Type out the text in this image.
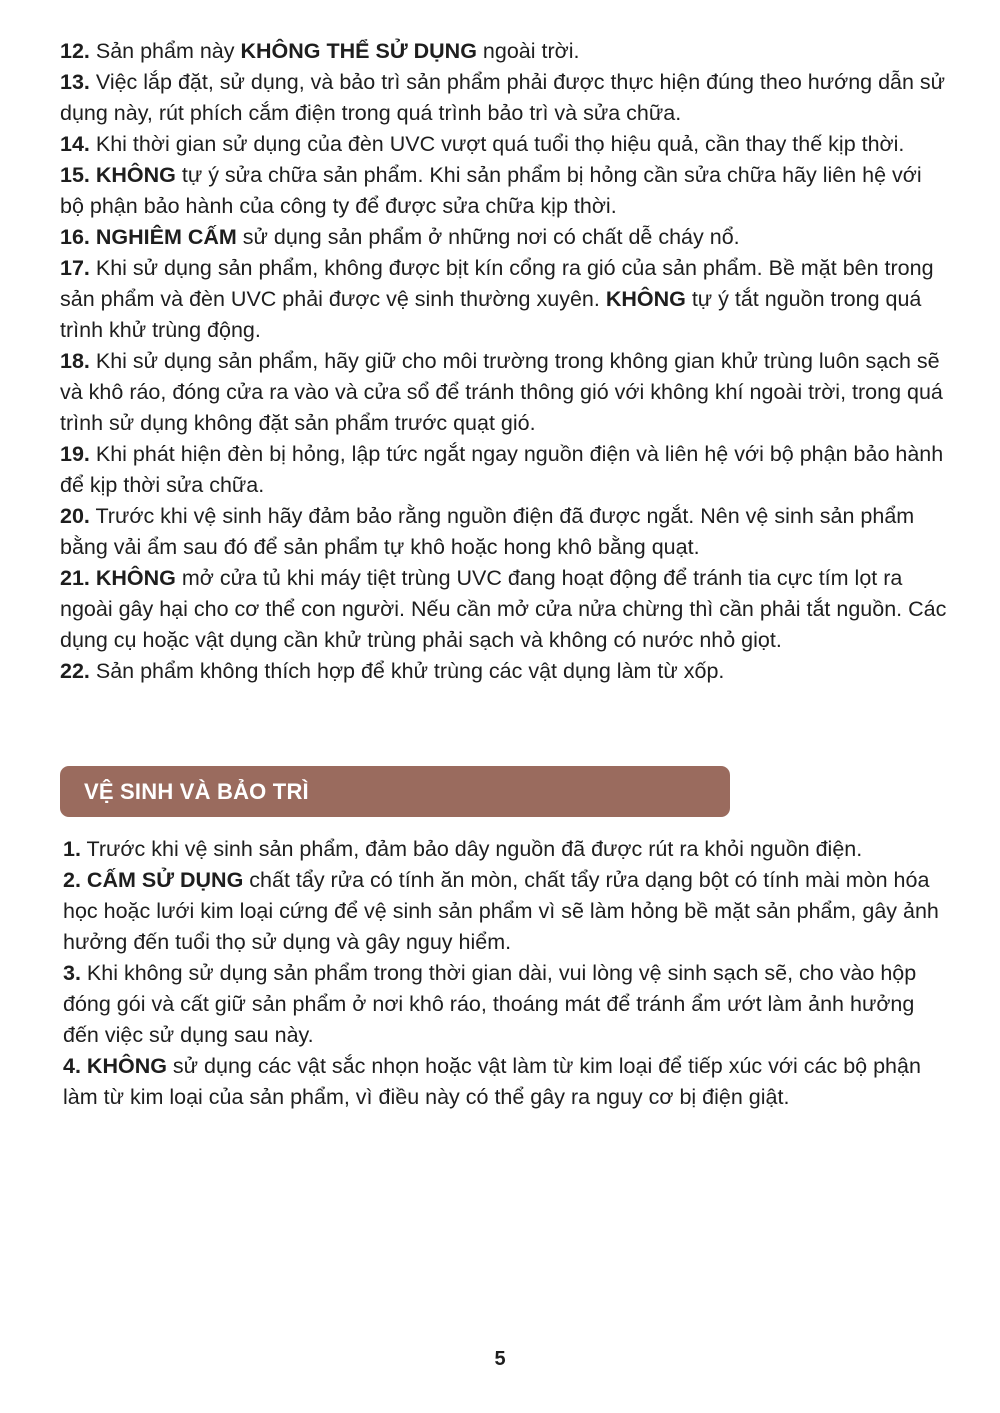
12. Sản phẩm này KHÔNG THỂ SỬ DỤNG ngoài trời.

13. Việc lắp đặt, sử dụng, và bảo trì sản phẩm phải được thực hiện đúng theo hướng dẫn sử dụng này, rút phích cắm điện trong quá trình bảo trì và sửa chữa.

14. Khi thời gian sử dụng của đèn UVC vượt quá tuổi thọ hiệu quả, cần thay thế kịp thời.

15. KHÔNG tự ý sửa chữa sản phẩm. Khi sản phẩm bị hỏng cần sửa chữa hãy liên hệ với bộ phận bảo hành của công ty để được sửa chữa kịp thời.

16. NGHIÊM CẤM sử dụng sản phẩm ở những nơi có chất dễ cháy nổ.

17. Khi sử dụng sản phẩm, không được bịt kín cổng ra gió của sản phẩm. Bề mặt bên trong sản phẩm và đèn UVC phải được vệ sinh thường xuyên. KHÔNG tự ý tắt nguồn trong quá trình khử trùng động.

18. Khi sử dụng sản phẩm, hãy giữ cho môi trường trong không gian khử trùng luôn sạch sẽ và khô ráo, đóng cửa ra vào và cửa sổ để tránh thông gió với không khí ngoài trời, trong quá trình sử dụng không đặt sản phẩm trước quạt gió.

19. Khi phát hiện đèn bị hỏng, lập tức ngắt ngay nguồn điện và liên hệ với bộ phận bảo hành để kịp thời sửa chữa.

20. Trước khi vệ sinh hãy đảm bảo rằng nguồn điện đã được ngắt. Nên vệ sinh sản phẩm bằng vải ẩm sau đó để sản phẩm tự khô hoặc hong khô bằng quạt.

21. KHÔNG mở cửa tủ khi máy tiệt trùng UVC đang hoạt động để tránh tia cực tím lọt ra ngoài gây hại cho cơ thể con người. Nếu cần mở cửa nửa chừng thì cần phải tắt nguồn. Các dụng cụ hoặc vật dụng cần khử trùng phải sạch và không có nước nhỏ giọt.

22. Sản phẩm không thích hợp để khử trùng các vật dụng làm từ xốp.

VỆ SINH VÀ BẢO TRÌ

1. Trước khi vệ sinh sản phẩm, đảm bảo dây nguồn đã được rút ra khỏi nguồn điện.

2. CẤM SỬ DỤNG chất tẩy rửa có tính ăn mòn, chất tẩy rửa dạng bột có tính mài mòn hóa học hoặc lưới kim loại cứng để vệ sinh sản phẩm vì sẽ làm hỏng bề mặt sản phẩm, gây ảnh hưởng đến tuổi thọ sử dụng và gây nguy hiểm.

3. Khi không sử dụng sản phẩm trong thời gian dài, vui lòng vệ sinh sạch sẽ, cho vào hộp đóng gói và cất giữ sản phẩm ở nơi khô ráo, thoáng mát để tránh ẩm ướt làm ảnh hưởng đến việc sử dụng sau này.

4. KHÔNG sử dụng các vật sắc nhọn hoặc vật làm từ kim loại để tiếp xúc với các bộ phận làm từ kim loại của sản phẩm, vì điều này có thể gây ra nguy cơ bị điện giật.

5
